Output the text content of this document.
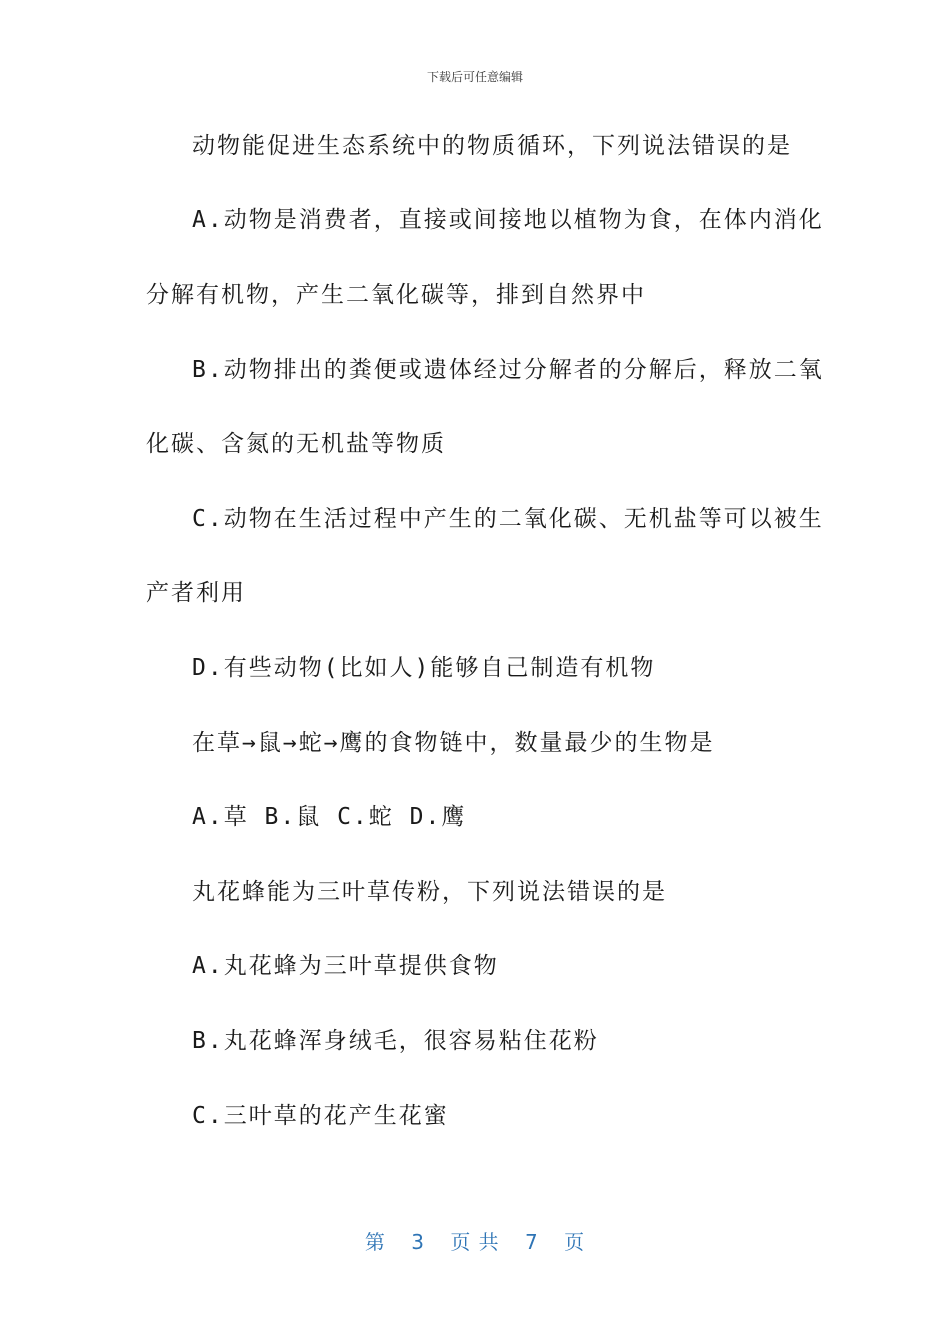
下载后可任意编辑
动物能促进生态系统中的物质循环，下列说法错误的是
A.动物是消费者，直接或间接地以植物为食，在体内消化
分解有机物，产生二氧化碳等，排到自然界中
B.动物排出的粪便或遗体经过分解者的分解后，释放二氧
化碳、含氮的无机盐等物质
C.动物在生活过程中产生的二氧化碳、无机盐等可以被生
产者利用
D.有些动物(比如人)能够自己制造有机物
在草→鼠→蛇→鹰的食物链中，数量最少的生物是
A.草 B.鼠 C.蛇 D.鹰
丸花蜂能为三叶草传粉，下列说法错误的是
A.丸花蜂为三叶草提供食物
B.丸花蜂浑身绒毛，很容易粘住花粉
C.三叶草的花产生花蜜
第 3 页 共 7 页
